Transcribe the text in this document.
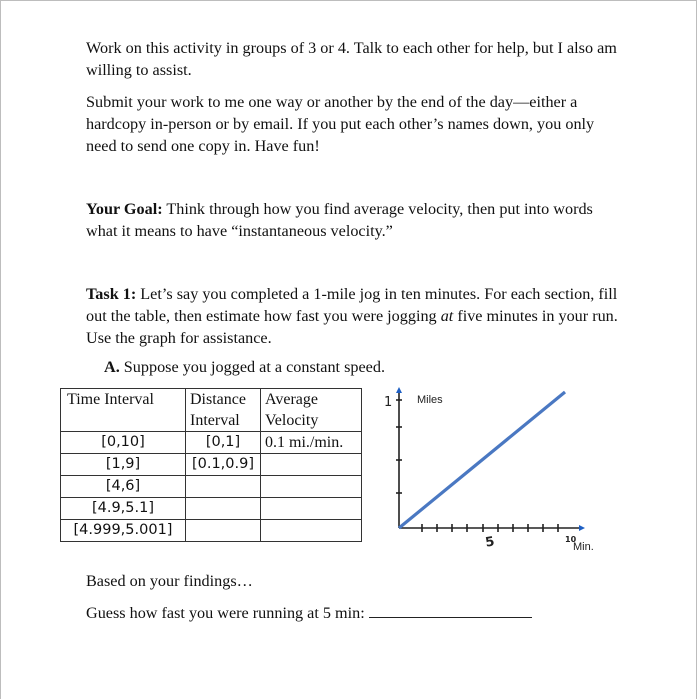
Work on this activity in groups of 3 or 4. Talk to each other for help, but I also am willing to assist.

Submit your work to me one way or another by the end of the day—either a hardcopy in-person or by email. If you put each other’s names down, you only need to send one copy in. Have fun!

Your Goal: Think through how you find average velocity, then put into words what it means to have “instantaneous velocity.”

Task 1: Let’s say you completed a 1-mile jog in ten minutes. For each section, fill out the table, then estimate how fast you were jogging at five minutes in your run. Use the graph for assistance.

A. Suppose you jogged at a constant speed.
Time Interval	Distance Interval	Average Velocity
[0,10]	[0,1]	0.1 mi./min.
[1,9]	[0.1,0.9]	
[4,6]		
[4.9,5.1]		
[4.999,5.001]		
1 Miles
5	10
Min.

Based on your findings…

Guess how fast you were running at 5 min:
